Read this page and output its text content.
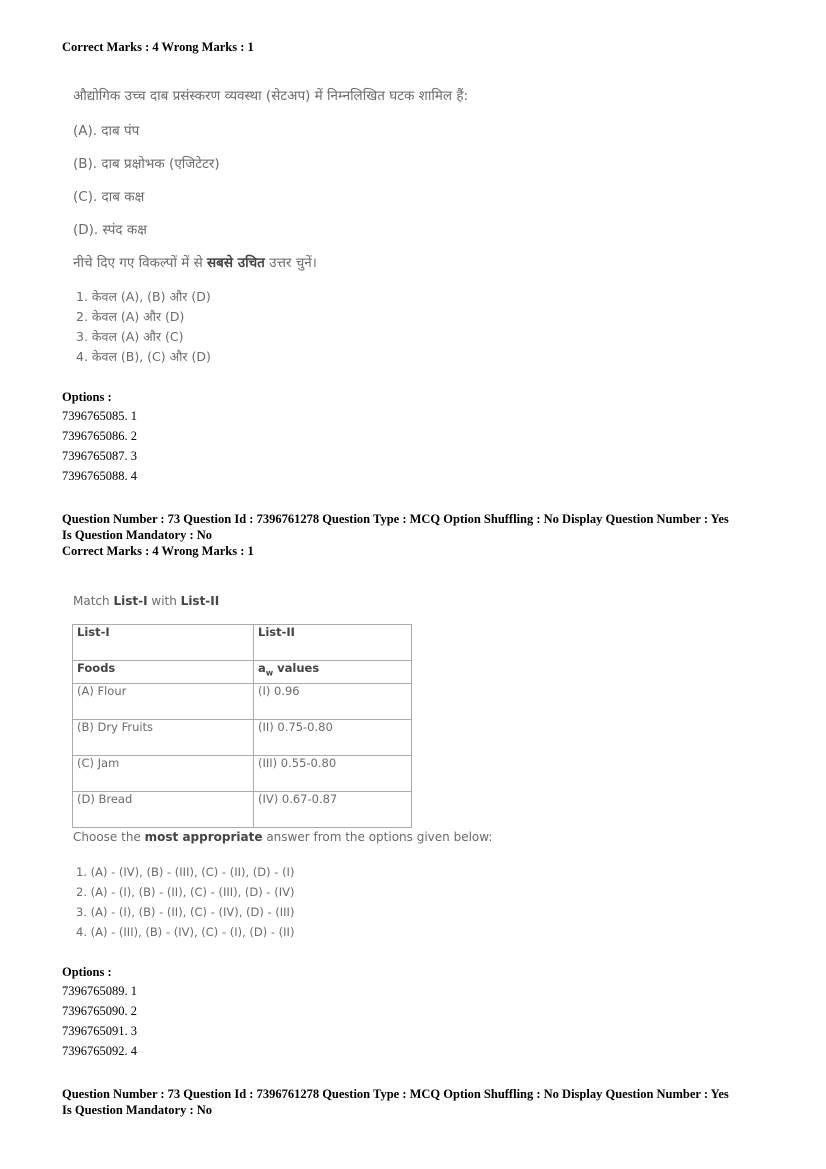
Correct Marks : 4 Wrong Marks : 1
औद्योगिक उच्च दाब प्रसंस्करण व्यवस्था (सेटअप) में निम्नलिखित घटक शामिल हैं:
(A). दाब पंप
(B). दाब प्रक्षोभक (एजिटेटर)
(C). दाब कक्ष
(D). स्पंद कक्ष
नीचे दिए गए विकल्पों में से सबसे उचित उत्तर चुनें।
1. केवल (A), (B) और (D)
2. केवल (A) और (D)
3. केवल (A) और (C)
4. केवल (B), (C) और (D)
Options :
7396765085. 1
7396765086. 2
7396765087. 3
7396765088. 4
Question Number : 73 Question Id : 7396761278 Question Type : MCQ Option Shuffling : No Display Question Number : Yes
Is Question Mandatory : No
Correct Marks : 4 Wrong Marks : 1
Match List-I with List-II
List-I	List-II
Foods	$a_w$ values
(A) Flour	(I) 0.96
(B) Dry Fruits	(II) 0.75-0.80
(C) Jam	(III) 0.55-0.80
(D) Bread	(IV) 0.67-0.87
Choose the most appropriate answer from the options given below:
1. (A) - (IV), (B) - (III), (C) - (II), (D) - (I)
2. (A) - (I), (B) - (II), (C) - (III), (D) - (IV)
3. (A) - (I), (B) - (II), (C) - (IV), (D) - (III)
4. (A) - (III), (B) - (IV), (C) - (I), (D) - (II)
Options :
7396765089. 1
7396765090. 2
7396765091. 3
7396765092. 4
Question Number : 73 Question Id : 7396761278 Question Type : MCQ Option Shuffling : No Display Question Number : Yes
Is Question Mandatory : No
